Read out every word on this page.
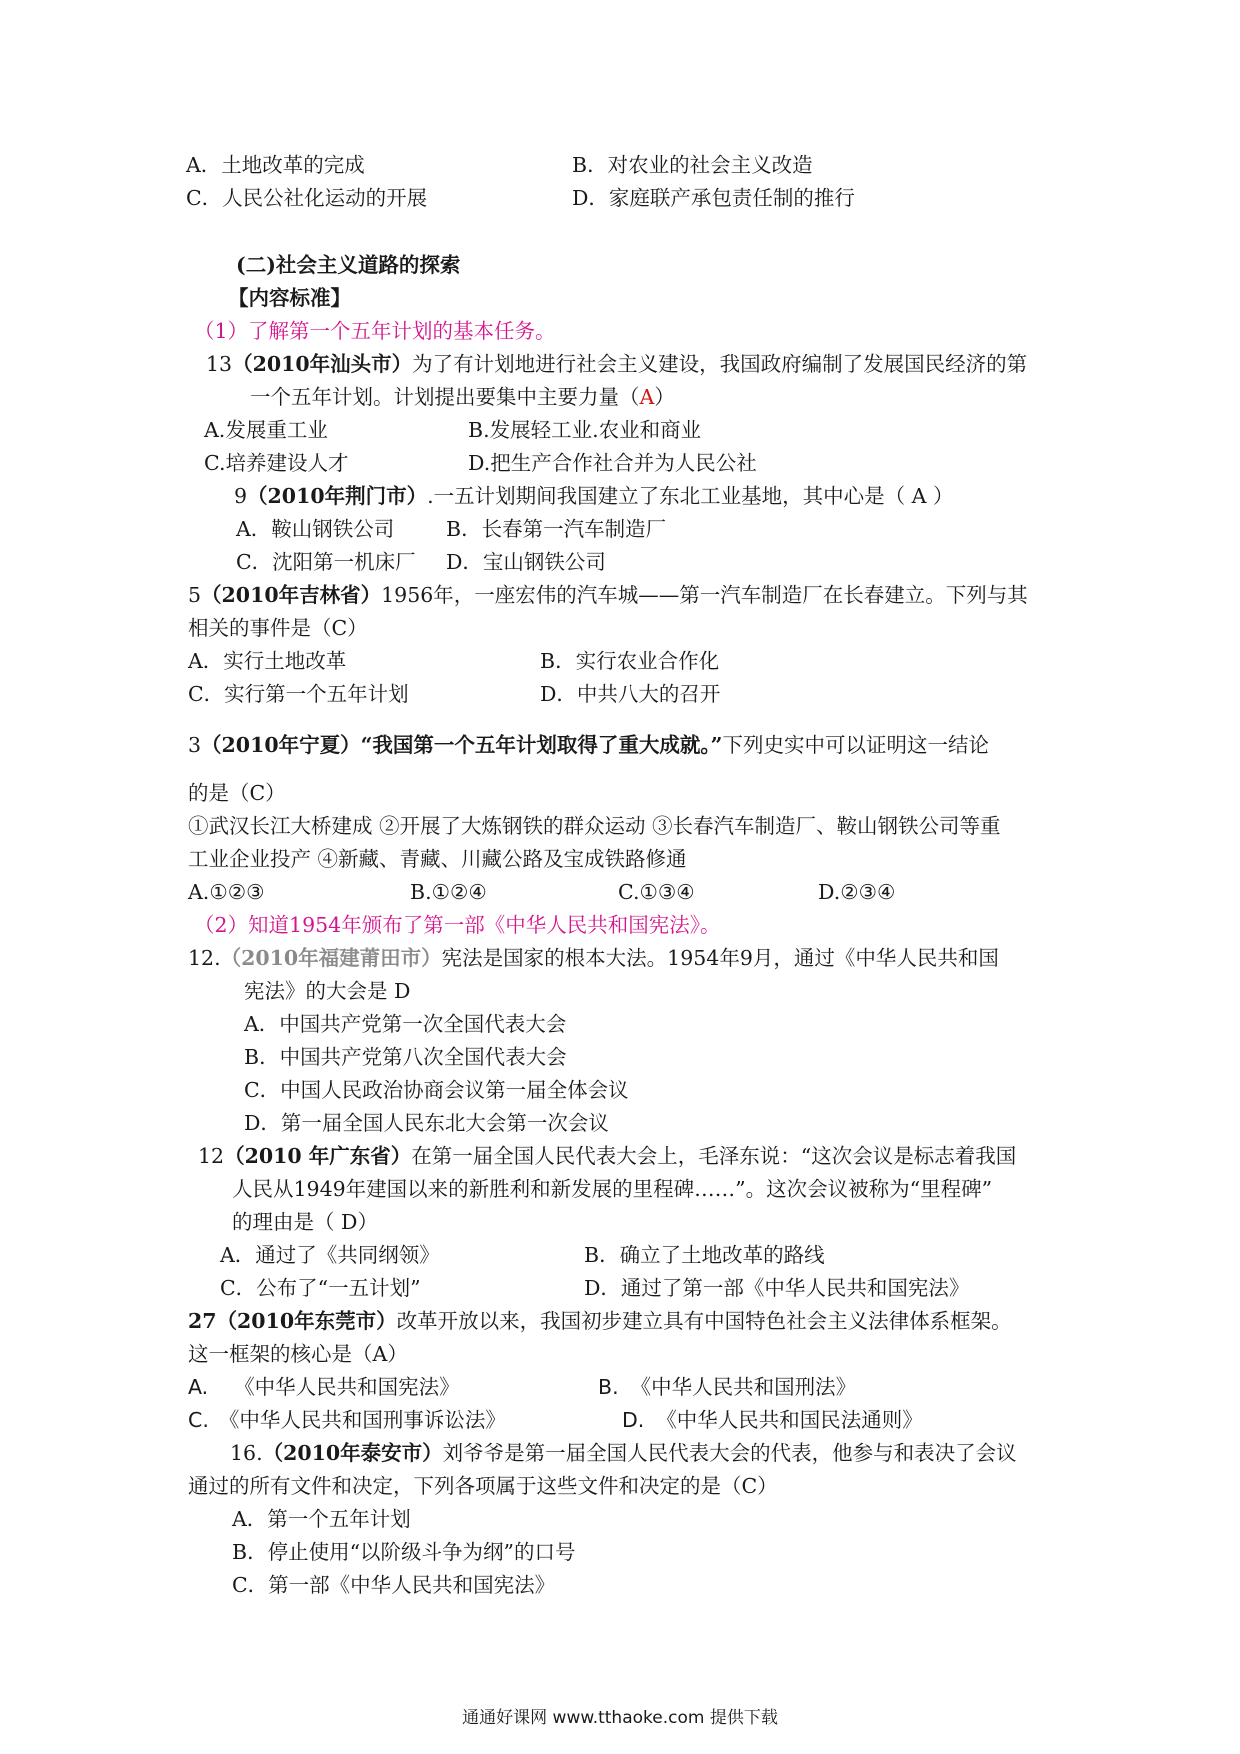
A．土地改革的完成	B．对农业的社会主义改造
C．人民公社化运动的开展	D．家庭联产承包责任制的推行
(二)社会主义道路的探索
【内容标准】
（1）了解第一个五年计划的基本任务。
13（2010年汕头市）为了有计划地进行社会主义建设，我国政府编制了发展国民经济的第
一个五年计划。计划提出要集中主要力量（A）
A.发展重工业	B.发展轻工业.农业和商业
C.培养建设人才	D.把生产合作社合并为人民公社
9（2010年荆门市）.一五计划期间我国建立了东北工业基地，其中心是（ A ）
A．鞍山钢铁公司	B．长春第一汽车制造厂
C．沈阳第一机床厂 D．宝山钢铁公司
5（2010年吉林省）1956年，一座宏伟的汽车城——第一汽车制造厂在长春建立。下列与其
相关的事件是（C）
A．实行土地改革	B．实行农业合作化
C．实行第一个五年计划	D．中共八大的召开
3（2010年宁夏）“我国第一个五年计划取得了重大成就。”下列史实中可以证明这一结论
的是（C）
①武汉长江大桥建成 ②开展了大炼钢铁的群众运动 ③长春汽车制造厂、鞍山钢铁公司等重
工业企业投产 ④新藏、青藏、川藏公路及宝成铁路修通
A.①②③	B.①②④	C.①③④	D.②③④
（2）知道1954年颁布了第一部《中华人民共和国宪法》。
12.（2010年福建莆田市）宪法是国家的根本大法。1954年9月，通过《中华人民共和国
宪法》的大会是 D
A．中国共产党第一次全国代表大会
B．中国共产党第八次全国代表大会
C．中国人民政治协商会议第一届全体会议
D．第一届全国人民东北大会第一次会议
12（2010 年广东省）在第一届全国人民代表大会上，毛泽东说：“这次会议是标志着我国
人民从1949年建国以来的新胜利和新发展的里程碑……”。这次会议被称为“里程碑”
的理由是（ D）
A．通过了《共同纲领》	B．确立了土地改革的路线
C．公布了“一五计划”	D．通过了第一部《中华人民共和国宪法》
27（2010年东莞市）改革开放以来，我国初步建立具有中国特色社会主义法律体系框架。
这一框架的核心是（A）
A. 《中华人民共和国宪法》	B. 《中华人民共和国刑法》
C. 《中华人民共和国刑事诉讼法》	D. 《中华人民共和国民法通则》
16.（2010年泰安市）刘爷爷是第一届全国人民代表大会的代表，他参与和表决了会议
通过的所有文件和决定，下列各项属于这些文件和决定的是（C）
A．第一个五年计划
B．停止使用“以阶级斗争为纲”的口号
C．第一部《中华人民共和国宪法》
通通好课网 www.tthaoke.com 提供下载
